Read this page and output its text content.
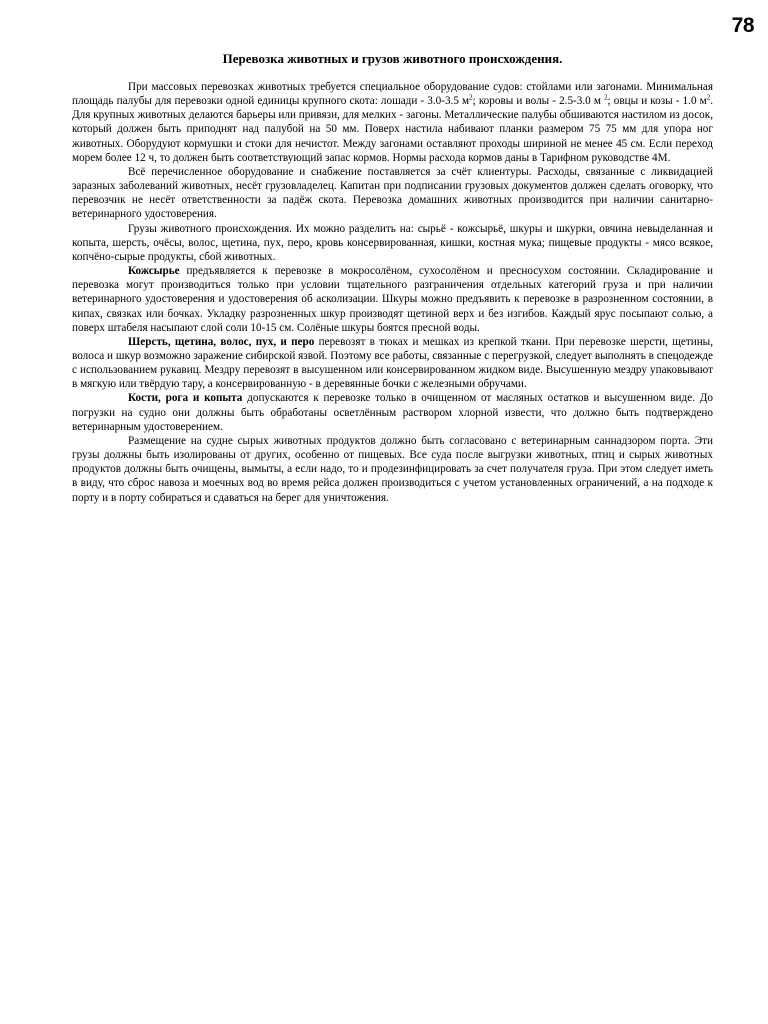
78
Перевозка животных и грузов животного происхождения.

При массовых перевозках животных требуется специальное оборудование судов: стойлами или загонами. Минимальная площадь палубы для перевозки одной единицы крупного скота: лошади - 3.0-3.5 $м^2$; коровы и волы - 2.5-3.0 м $^2$; овцы и козы - 1.0 $м^2$. Для крупных животных делаются барьеры или привязи, для мелких - загоны. Металлические палубы обшиваются настилом из досок, который должен быть приподнят над палубой на 50 мм. Поверх настила набивают планки размером 75 75 мм для упора ног животных. Оборудуют кормушки и стоки для нечистот. Между загонами оставляют проходы шириной не менее 45 см. Если переход морем более 12 ч, то должен быть соответствующий запас кормов. Нормы расхода кормов даны в Тарифном руководстве 4М.

Всё перечисленное оборудование и снабжение поставляется за счёт клиентуры. Расходы, связанные с ликвидацией заразных заболеваний животных, несёт грузовладелец. Капитан при подписании грузовых документов должен сделать оговорку, что перевозчик не несёт ответственности за падёж скота. Перевозка домашних животных производится при наличии санитарно-ветеринарного удостоверения.

Грузы животного происхождения. Их можно разделить на: сырьё - кожсырьё, шкуры и шкурки, овчина невыделанная и копыта, шерсть, очёсы, волос, щетина, пух, перо, кровь консервированная, кишки, костная мука; пищевые продукты - мясо всякое, копчёно-сырые продукты, сбой животных.

Кожсырье предъявляется к перевозке в мокросолёном, сухосолёном и пресносухом состоянии. Складирование и перевозка могут производиться только при условии тщательного разграничения отдельных категорий груза и при наличии ветеринарного удостоверения и удостоверения об асколизации. Шкуры можно предъявить к перевозке в разрозненном состоянии, в кипах, связках или бочках. Укладку разрозненных шкур производят щетиной верх и без изгибов. Каждый ярус посыпают солью, а поверх штабеля насыпают слой соли 10-15 см. Солёные шкуры боятся пресной воды.

Шерсть, щетина, волос, пух, и перо перевозят в тюках и мешках из крепкой ткани. При перевозке шерсти, щетины, волоса и шкур возможно заражение сибирской язвой. Поэтому все работы, связанные с перегрузкой, следует выполнять в спецодежде с использованием рукавиц. Мездру перевозят в высушенном или консервированном жидком виде. Высушенную мездру упаковывают в мягкую или твёрдую тару, а консервированную - в деревянные бочки с железными обручами.

Кости, рога и копыта допускаются к перевозке только в очищенном от масляных остатков и высушенном виде. До погрузки на судно они должны быть обработаны осветлённым раствором хлорной извести, что должно быть подтверждено ветеринарным удостоверением.

Размещение на судне сырых животных продуктов должно быть согласовано с ветеринарным саннадзором порта. Эти грузы должны быть изолированы от других, особенно от пищевых. Все суда после выгрузки животных, птиц и сырых животных продуктов должны быть очищены, вымыты, а если надо, то и продезинфицировать за счет получателя груза. При этом следует иметь в виду, что сброс навоза и моечных вод во время рейса должен производиться с учетом установленных ограничений, а на подходе к порту и в порту собираться и сдаваться на берег для уничтожения.
